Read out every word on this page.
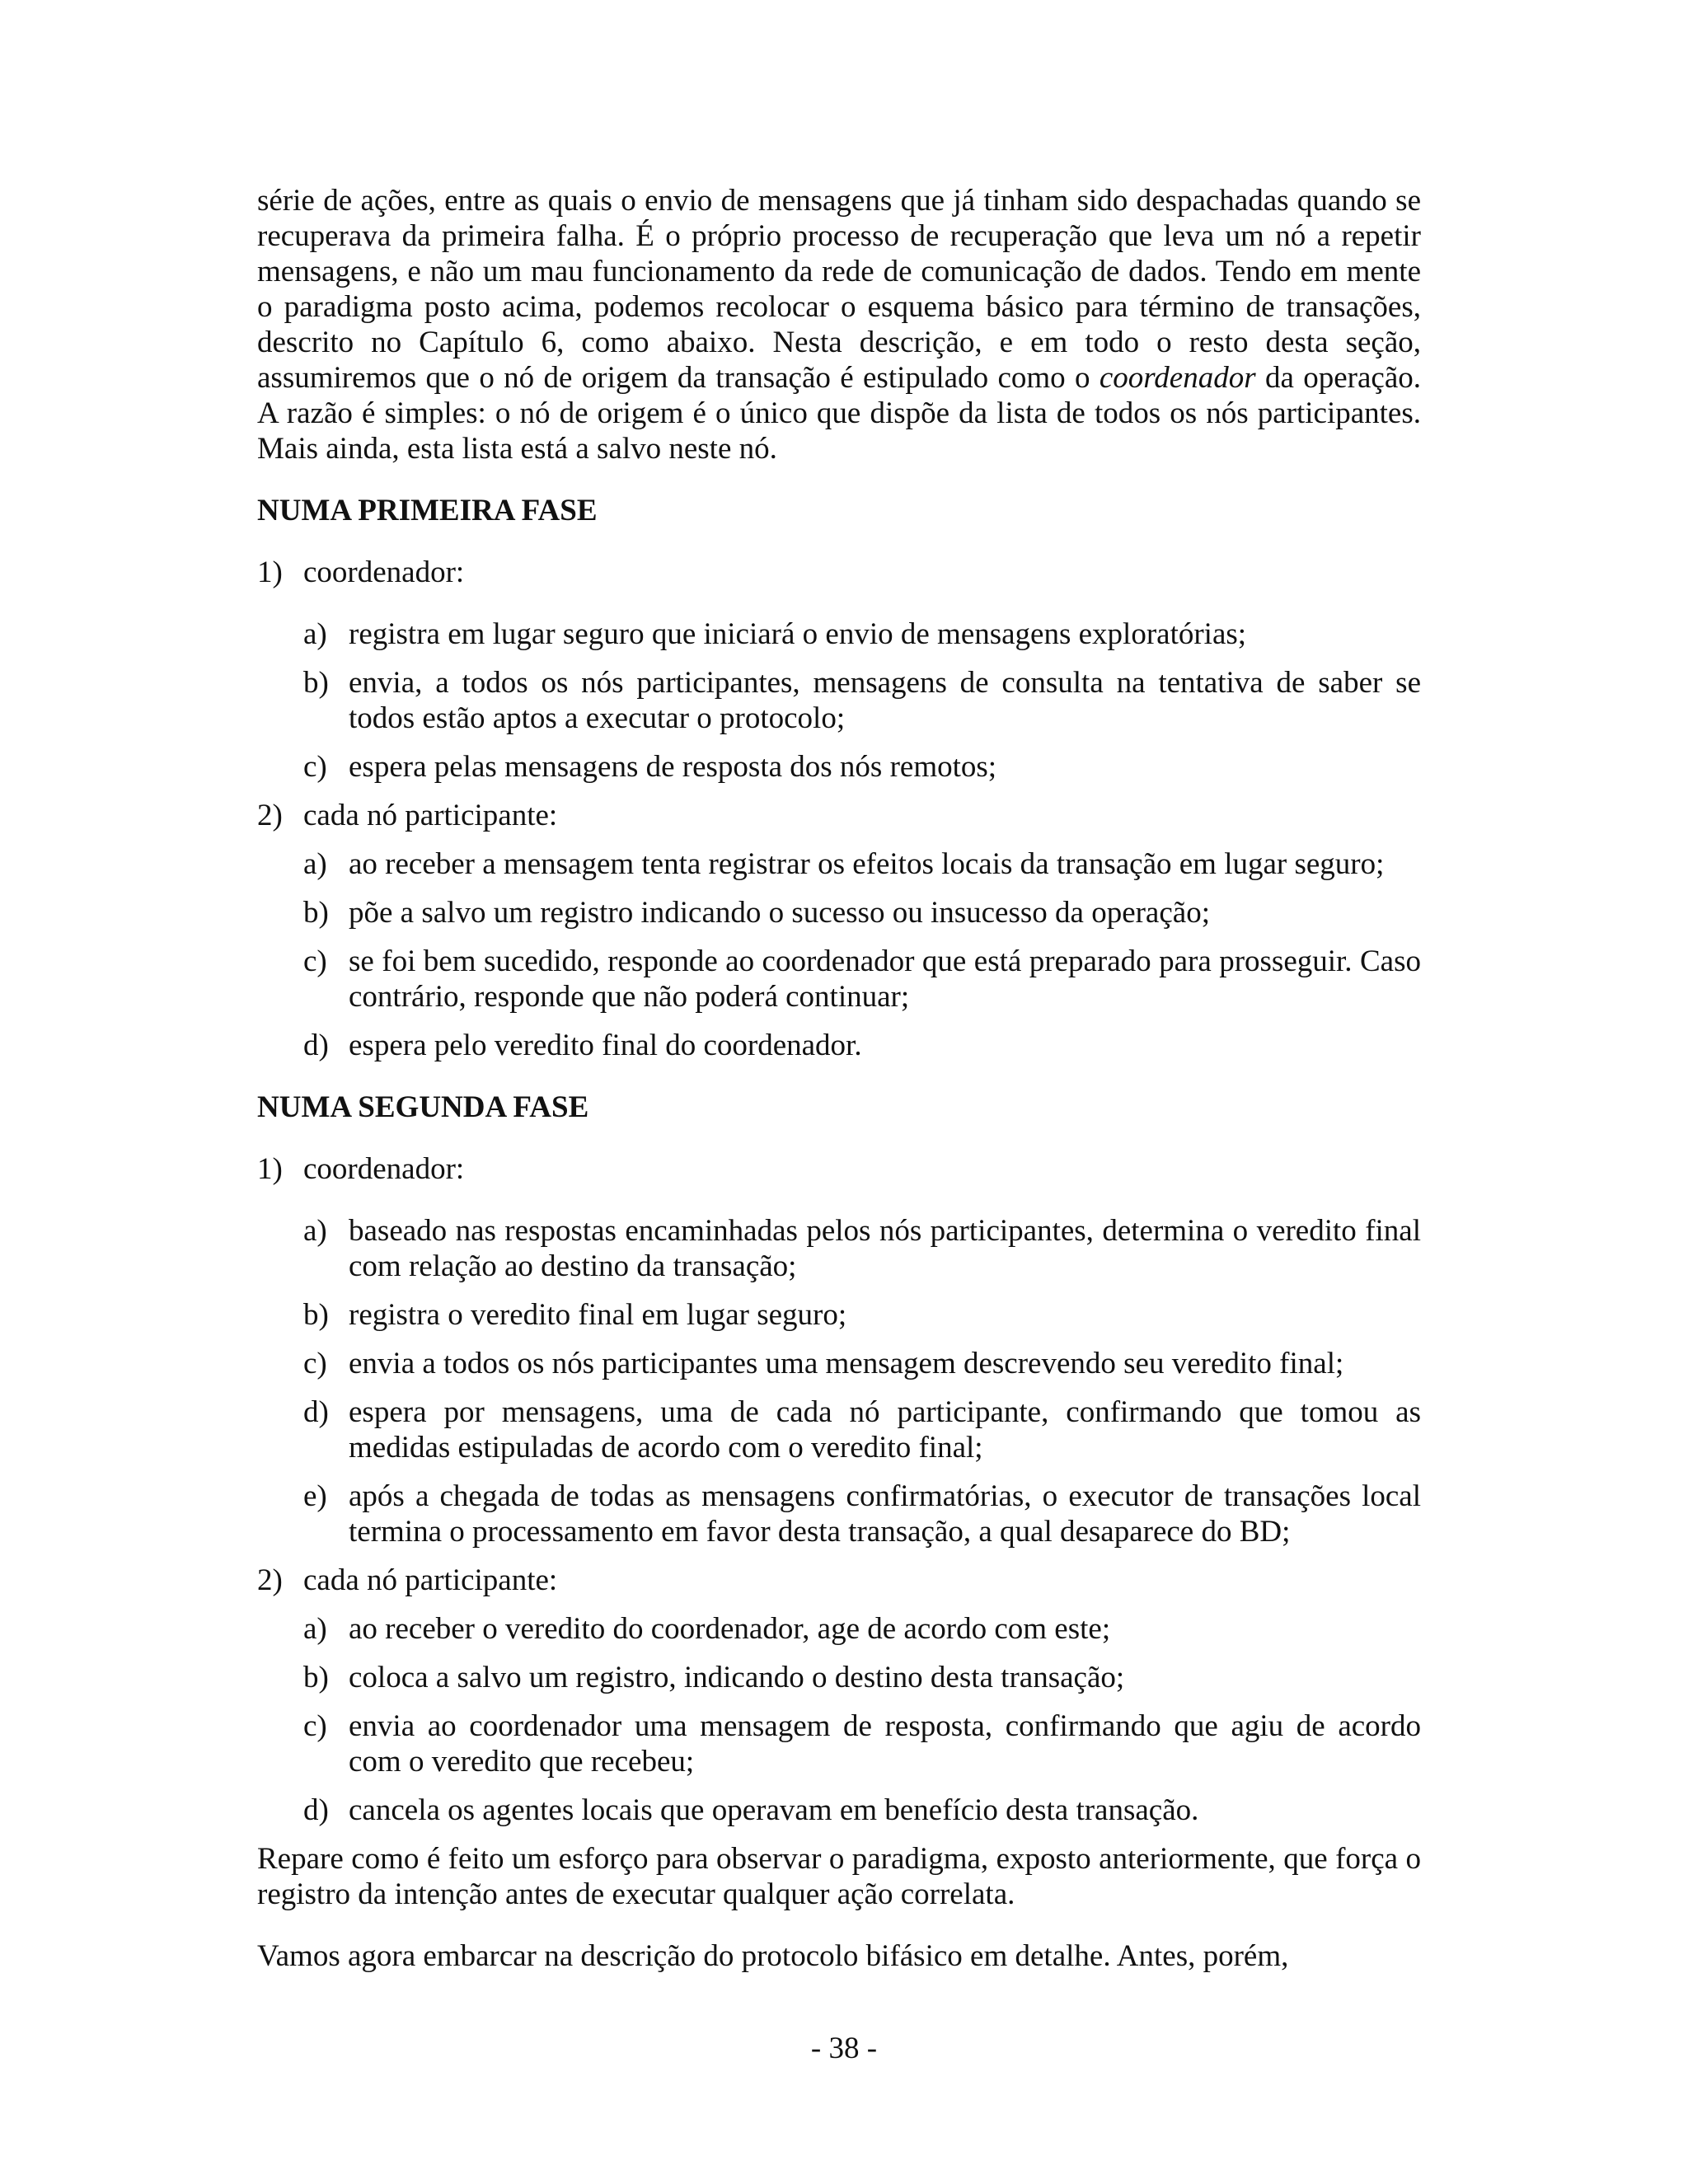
série de ações, entre as quais o envio de mensagens que já tinham sido despachadas quando se recuperava da primeira falha. É o próprio processo de recuperação que leva um nó a repetir mensagens, e não um mau funcionamento da rede de comunicação de dados. Tendo em mente o paradigma posto acima, podemos recolocar o esquema básico para término de transações, descrito no Capítulo 6, como abaixo. Nesta descrição, e em todo o resto desta seção, assumiremos que o nó de origem da transação é estipulado como o coordenador da operação. A razão é simples: o nó de origem é o único que dispõe da lista de todos os nós participantes. Mais ainda, esta lista está a salvo neste nó.

NUMA PRIMEIRA FASE

1) coordenador:
a) registra em lugar seguro que iniciará o envio de mensagens exploratórias;
b) envia, a todos os nós participantes, mensagens de consulta na tentativa de saber se todos estão aptos a executar o protocolo;
c) espera pelas mensagens de resposta dos nós remotos;
2) cada nó participante:
a) ao receber a mensagem tenta registrar os efeitos locais da transação em lugar seguro;
b) põe a salvo um registro indicando o sucesso ou insucesso da operação;
c) se foi bem sucedido, responde ao coordenador que está preparado para prosseguir. Caso contrário, responde que não poderá continuar;
d) espera pelo veredito final do coordenador.

NUMA SEGUNDA FASE

1) coordenador:
a) baseado nas respostas encaminhadas pelos nós participantes, determina o veredito final com relação ao destino da transação;
b) registra o veredito final em lugar seguro;
c) envia a todos os nós participantes uma mensagem descrevendo seu veredito final;
d) espera por mensagens, uma de cada nó participante, confirmando que tomou as medidas estipuladas de acordo com o veredito final;
e) após a chegada de todas as mensagens confirmatórias, o executor de transações local termina o processamento em favor desta transação, a qual desaparece do BD;
2) cada nó participante:
a) ao receber o veredito do coordenador, age de acordo com este;
b) coloca a salvo um registro, indicando o destino desta transação;
c) envia ao coordenador uma mensagem de resposta, confirmando que agiu de acordo com o veredito que recebeu;
d) cancela os agentes locais que operavam em benefício desta transação.

Repare como é feito um esforço para observar o paradigma, exposto anteriormente, que força o registro da intenção antes de executar qualquer ação correlata.

Vamos agora embarcar na descrição do protocolo bifásico em detalhe. Antes, porém,

- 38 -
